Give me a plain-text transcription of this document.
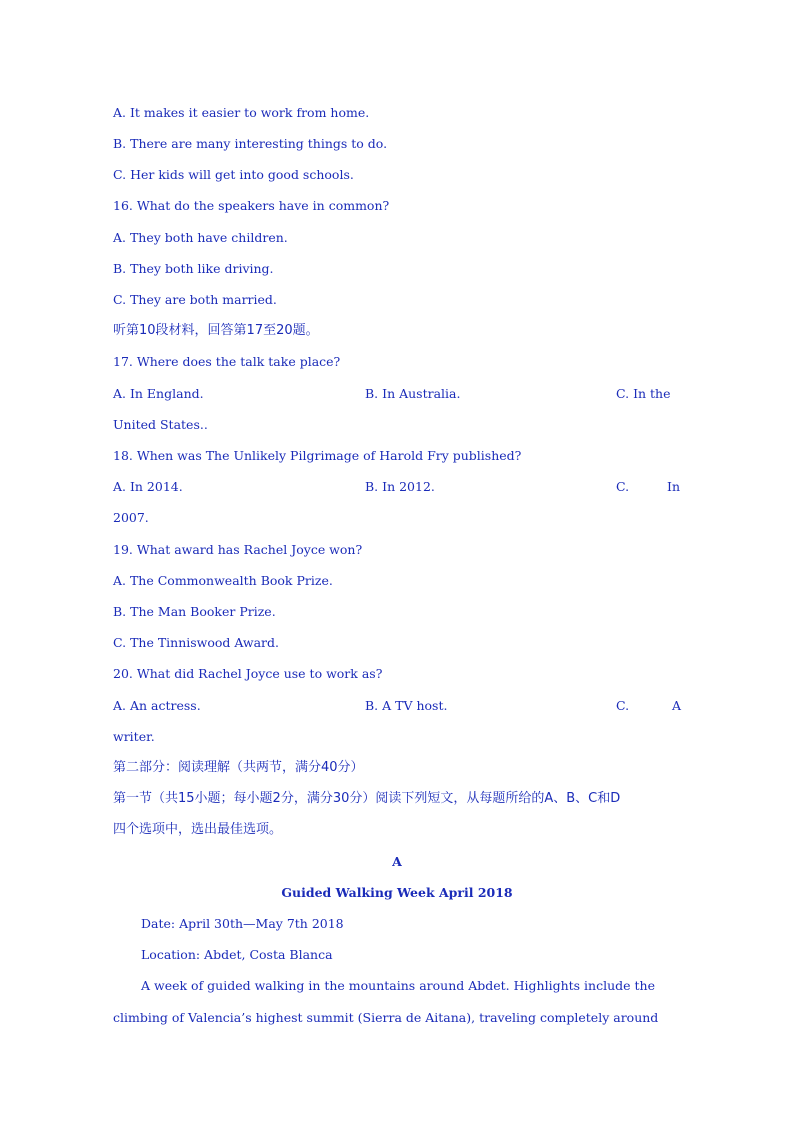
A. It makes it easier to work from home.
B. There are many interesting things to do.
C. Her kids will get into good schools.
16. What do the speakers have in common?
A. They both have children.
B. They both like driving.
C. They are both married.
听第10段材料，回答第17至20题。
17. Where does the talk take place?
A. In England.	B. In Australia.	C. In the
United States..
18. When was The Unlikely Pilgrimage of Harold Fry published?
A. In 2014.	B. In 2012.	C.	In
2007.
19. What award has Rachel Joyce won?
A. The Commonwealth Book Prize.
B. The Man Booker Prize.
C. The Tinniswood Award.
20. What did Rachel Joyce use to work as?
A. An actress.	B. A TV host.	C.	A
writer.
第二部分：阅读理解（共两节，满分40分）
第一节（共15小题；每小题2分，满分30分）阅读下列短文，从每题所给的A、B、C和D
四个选项中，选出最佳选项。
A
Guided Walking Week April 2018
Date: April 30th—May 7th 2018
Location: Abdet, Costa Blanca
A week of guided walking in the mountains around Abdet. Highlights include the
climbing of Valencia’s highest summit (Sierra de Aitana), traveling completely around
